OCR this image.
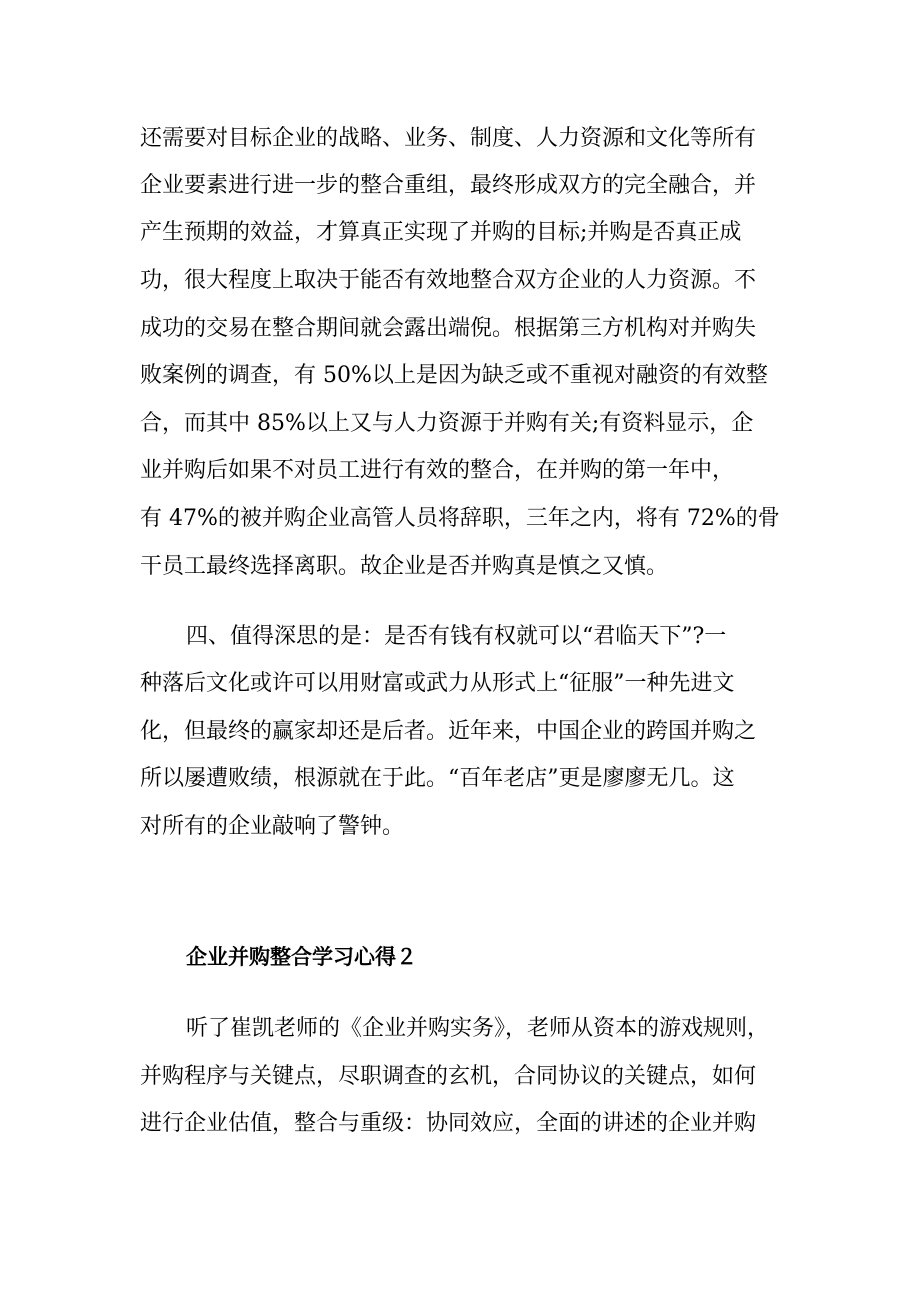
还需要对目标企业的战略、业务、制度、人力资源和文化等所有
企业要素进行进一步的整合重组，最终形成双方的完全融合，并
产生预期的效益，才算真正实现了并购的目标;并购是否真正成
功，很大程度上取决于能否有效地整合双方企业的人力资源。不
成功的交易在整合期间就会露出端倪。根据第三方机构对并购失
败案例的调查，有 50%以上是因为缺乏或不重视对融资的有效整
合，而其中 85%以上又与人力资源于并购有关;有资料显示，企
业并购后如果不对员工进行有效的整合，在并购的第一年中，
有 47%的被并购企业高管人员将辞职，三年之内，将有 72%的骨
干员工最终选择离职。故企业是否并购真是慎之又慎。
四、值得深思的是：是否有钱有权就可以“君临天下”?一
种落后文化或许可以用财富或武力从形式上“征服”一种先进文
化，但最终的赢家却还是后者。近年来，中国企业的跨国并购之
所以屡遭败绩，根源就在于此。“百年老店”更是廖廖无几。这
对所有的企业敲响了警钟。
企业并购整合学习心得２
听了崔凯老师的《企业并购实务》，老师从资本的游戏规则，
并购程序与关键点，尽职调查的玄机，合同协议的关键点，如何
进行企业估值，整合与重级：协同效应，全面的讲述的企业并购
